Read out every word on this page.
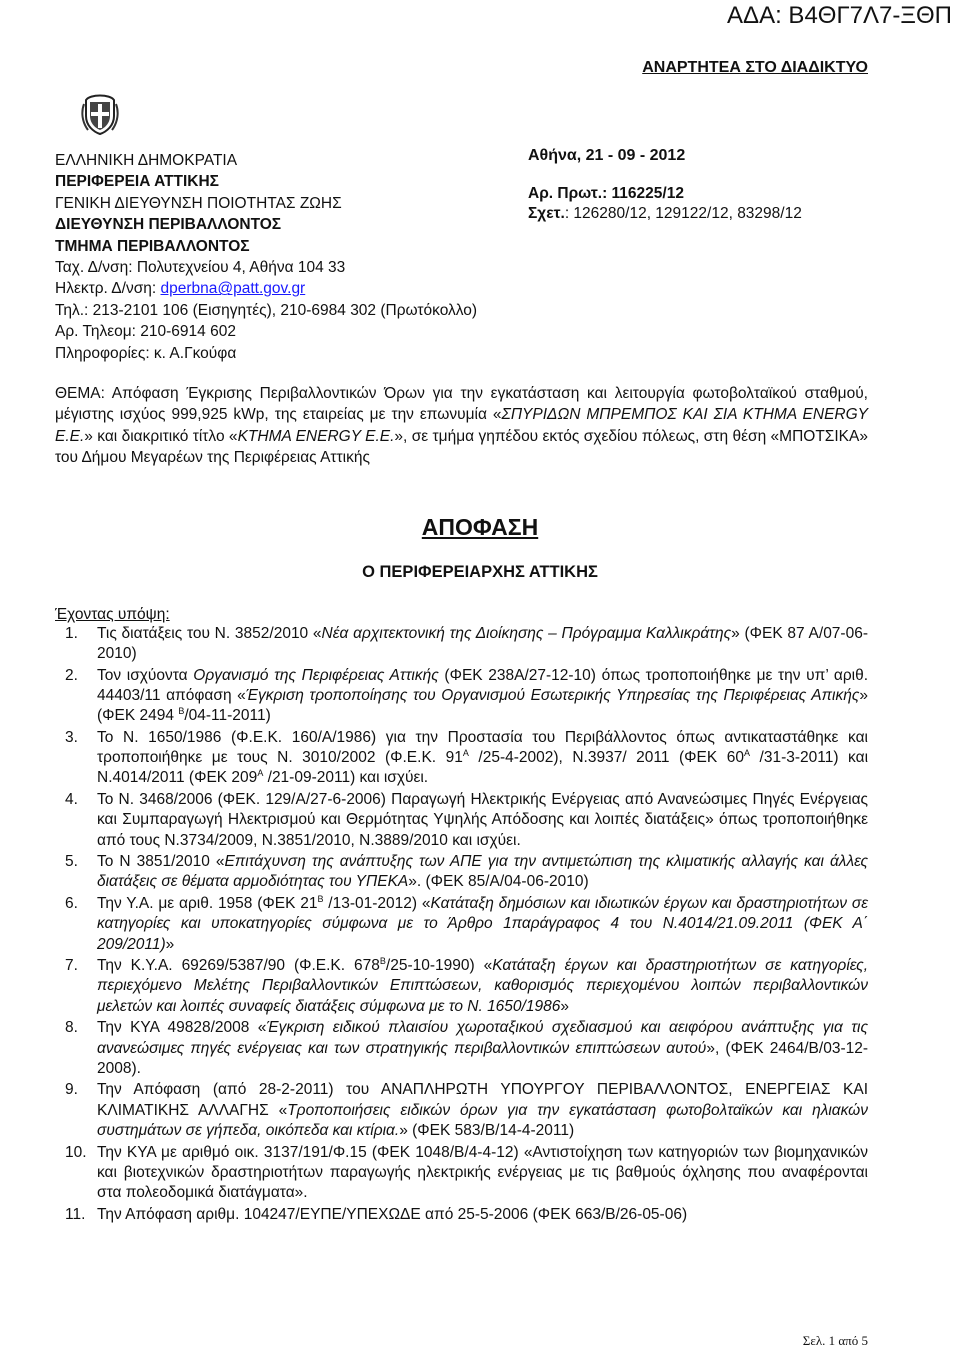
ΑΔΑ: Β4ΘΓ7Λ7-ΞΘΠ
ΑΝΑΡΤΗΤΕΑ ΣΤΟ ΔΙΑΔΙΚΤΥΟ
ΕΛΛΗΝΙΚΗ ΔΗΜΟΚΡΑΤΙΑ
ΠΕΡΙΦΕΡΕΙΑ ΑΤΤΙΚΗΣ
ΓΕΝΙΚΗ ΔΙΕΥΘΥΝΣΗ ΠΟΙΟΤΗΤΑΣ ΖΩΗΣ
ΔΙΕΥΘΥΝΣΗ ΠΕΡΙΒΑΛΛΟΝΤΟΣ
ΤΜΗΜΑ ΠΕΡΙΒΑΛΛΟΝΤΟΣ
Ταχ. Δ/νση: Πολυτεχνείου 4, Αθήνα 104 33
Ηλεκτρ. Δ/νση: dperbna@patt.gov.gr
Τηλ.: 213-2101 106 (Εισηγητές), 210-6984 302 (Πρωτόκολλο)
Αρ. Τηλεομ: 210-6914 602
Πληροφορίες: κ. Α.Γκούφα
Αθήνα, 21 - 09 - 2012
Αρ. Πρωτ.: 116225/12
Σχετ.: 126280/12, 129122/12, 83298/12
ΘΕΜΑ: Απόφαση Έγκρισης Περιβαλλοντικών Όρων για την εγκατάσταση και λειτουργία φωτοβολταϊκού σταθμού, μέγιστης ισχύος 999,925 kWp, της εταιρείας με την επωνυμία «ΣΠΥΡΙΔΩΝ ΜΠΡΕΜΠΟΣ ΚΑΙ ΣΙΑ ΚΤΗΜΑ ENERGY Ε.Ε.» και διακριτικό τίτλο «ΚΤΗΜΑ ENERGY Ε.Ε.», σε τμήμα γηπέδου εκτός σχεδίου πόλεως, στη θέση «ΜΠΟΤΣΙΚΑ» του Δήμου Μεγαρέων της Περιφέρειας Αττικής
ΑΠΟΦΑΣΗ
Ο ΠΕΡΙΦΕΡΕΙΑΡΧΗΣ ΑΤΤΙΚΗΣ
Έχοντας υπόψη:
1.	Τις διατάξεις του Ν. 3852/2010 «Νέα αρχιτεκτονική της Διοίκησης – Πρόγραμμα Καλλικράτης» (ΦΕΚ 87 Α/07-06-2010)
2.	Τον ισχύοντα Οργανισμό της Περιφέρειας Αττικής (ΦΕΚ 238Α/27-12-10) όπως τροποποιήθηκε με την υπ’ αριθ. 44403/11 απόφαση «Έγκριση τροποποίησης του Οργανισμού Εσωτερικής Υπηρεσίας της Περιφέρειας Απικής» (ΦΕΚ 2494 $^B$/04-11-2011)
3.	Το Ν. 1650/1986 (Φ.Ε.Κ. 160/Α/1986) για την Προστασία του Περιβάλλοντος όπως αντικαταστάθηκε και τροποποιήθηκε με τους Ν. 3010/2002 (Φ.Ε.Κ. $91^A$ /25-4-2002), Ν.3937/ 2011 (ΦΕΚ $60^A$ /31-3-2011) και Ν.4014/2011 (ΦΕΚ $209^A$ /21-09-2011) και ισχύει.
4.	Το Ν. 3468/2006 (ΦΕΚ. 129/Α/27-6-2006) Παραγωγή Ηλεκτρικής Ενέργειας από Ανανεώσιμες Πηγές Ενέργειας και Συμπαραγωγή Ηλεκτρισμού και Θερμότητας Υψηλής Απόδοσης και λοιπές διατάξεις» όπως τροποποιήθηκε από τους Ν.3734/2009, Ν.3851/2010, Ν.3889/2010 και ισχύει.
5.	Το Ν 3851/2010 «Επιτάχυνση της ανάπτυξης των ΑΠΕ για την αντιμετώπιση της κλιματικής αλλαγής και άλλες διατάξεις σε θέματα αρμοδιότητας του ΥΠΕΚΑ». (ΦΕΚ 85/Α/04-06-2010)
6.	Την Υ.Α. με αριθ. 1958 (ΦΕΚ $21^B$ /13-01-2012) «Κατάταξη δημόσιων και ιδιωτικών έργων και δραστηριοτήτων σε κατηγορίες και υποκατηγορίες σύμφωνα με το Άρθρο 1παράγραφος 4 του Ν.4014/21.09.2011 (ΦΕΚ Α΄ 209/2011)»
7.	Την Κ.Υ.Α. 69269/5387/90 (Φ.Ε.Κ. $678^B/25-10-1990$) «Κατάταξη έργων και δραστηριοτήτων σε κατηγορίες, περιεχόμενο Μελέτης Περιβαλλοντικών Επιπτώσεων, καθορισμός περιεχομένου λοιπών περιβαλλοντικών μελετών και λοιπές συναφείς διατάξεις σύμφωνα με το Ν. 1650/1986»
8.	Την ΚΥΑ 49828/2008 «Έγκριση ειδικού πλαισίου χωροταξικού σχεδιασμού και αειφόρου ανάπτυξης για τις ανανεώσιμες πηγές ενέργειας και των στρατηγικής περιβαλλοντικών επιπτώσεων αυτού», (ΦΕΚ 2464/Β/03-12-2008).
9.	Την Απόφαση (από 28-2-2011) του ΑΝΑΠΛΗΡΩΤΗ ΥΠΟΥΡΓΟΥ ΠΕΡΙΒΑΛΛΟΝΤΟΣ, ΕΝΕΡΓΕΙΑΣ ΚΑΙ ΚΛΙΜΑΤΙΚΗΣ ΑΛΛΑΓΗΣ «Τροποποιήσεις ειδικών όρων για την εγκατάσταση φωτοβολταϊκών και ηλιακών συστημάτων σε γήπεδα, οικόπεδα και κτίρια.» (ΦΕΚ 583/Β/14-4-2011)
10. Την ΚΥΑ με αριθμό οικ. 3137/191/Φ.15 (ΦΕΚ 1048/Β/4-4-12) «Αντιστοίχηση των κατηγοριών των βιομηχανικών και βιοτεχνικών δραστηριοτήτων παραγωγής ηλεκτρικής ενέργειας με τις βαθμούς όχλησης που αναφέρονται στα πολεοδομικά διατάγματα».
11. Την Απόφαση αριθμ. 104247/ΕΥΠΕ/ΥΠΕΧΩΔΕ από 25-5-2006 (ΦΕΚ 663/Β/26-05-06)
Σελ. 1 από 5
